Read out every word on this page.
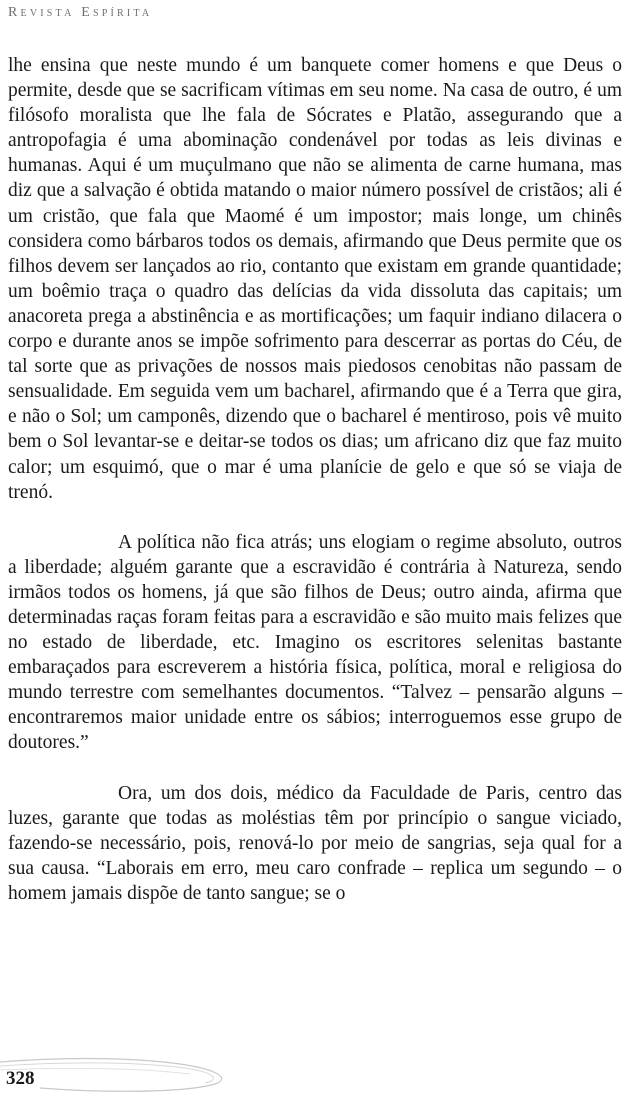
Revista Espírita

lhe ensina que neste mundo é um banquete comer homens e que Deus o permite, desde que se sacrificam vítimas em seu nome. Na casa de outro, é um filósofo moralista que lhe fala de Sócrates e Platão, assegurando que a antropofagia é uma abominação condenável por todas as leis divinas e humanas. Aqui é um muçulmano que não se alimenta de carne humana, mas diz que a salvação é obtida matando o maior número possível de cristãos; ali é um cristão, que fala que Maomé é um impostor; mais longe, um chinês considera como bárbaros todos os demais, afirmando que Deus permite que os filhos devem ser lançados ao rio, contanto que existam em grande quantidade; um boêmio traça o quadro das delícias da vida dissoluta das capitais; um anacoreta prega a abstinência e as mortificações; um faquir indiano dilacera o corpo e durante anos se impõe sofrimento para descerrar as portas do Céu, de tal sorte que as privações de nossos mais piedosos cenobitas não passam de sensualidade. Em seguida vem um bacharel, afirmando que é a Terra que gira, e não o Sol; um camponês, dizendo que o bacharel é mentiroso, pois vê muito bem o Sol levantar-se e deitar-se todos os dias; um africano diz que faz muito calor; um esquimó, que o mar é uma planície de gelo e que só se viaja de trenó.

A política não fica atrás; uns elogiam o regime absoluto, outros a liberdade; alguém garante que a escravidão é contrária à Natureza, sendo irmãos todos os homens, já que são filhos de Deus; outro ainda, afirma que determinadas raças foram feitas para a escravidão e são muito mais felizes que no estado de liberdade, etc. Imagino os escritores selenitas bastante embaraçados para escreverem a história física, política, moral e religiosa do mundo terrestre com semelhantes documentos. “Talvez – pensarão alguns – encontraremos maior unidade entre os sábios; interroguemos esse grupo de doutores.”

Ora, um dos dois, médico da Faculdade de Paris, centro das luzes, garante que todas as moléstias têm por princípio o sangue viciado, fazendo-se necessário, pois, renová-lo por meio de sangrias, seja qual for a sua causa. “Laborais em erro, meu caro confrade – replica um segundo – o homem jamais dispõe de tanto sangue; se o

328
